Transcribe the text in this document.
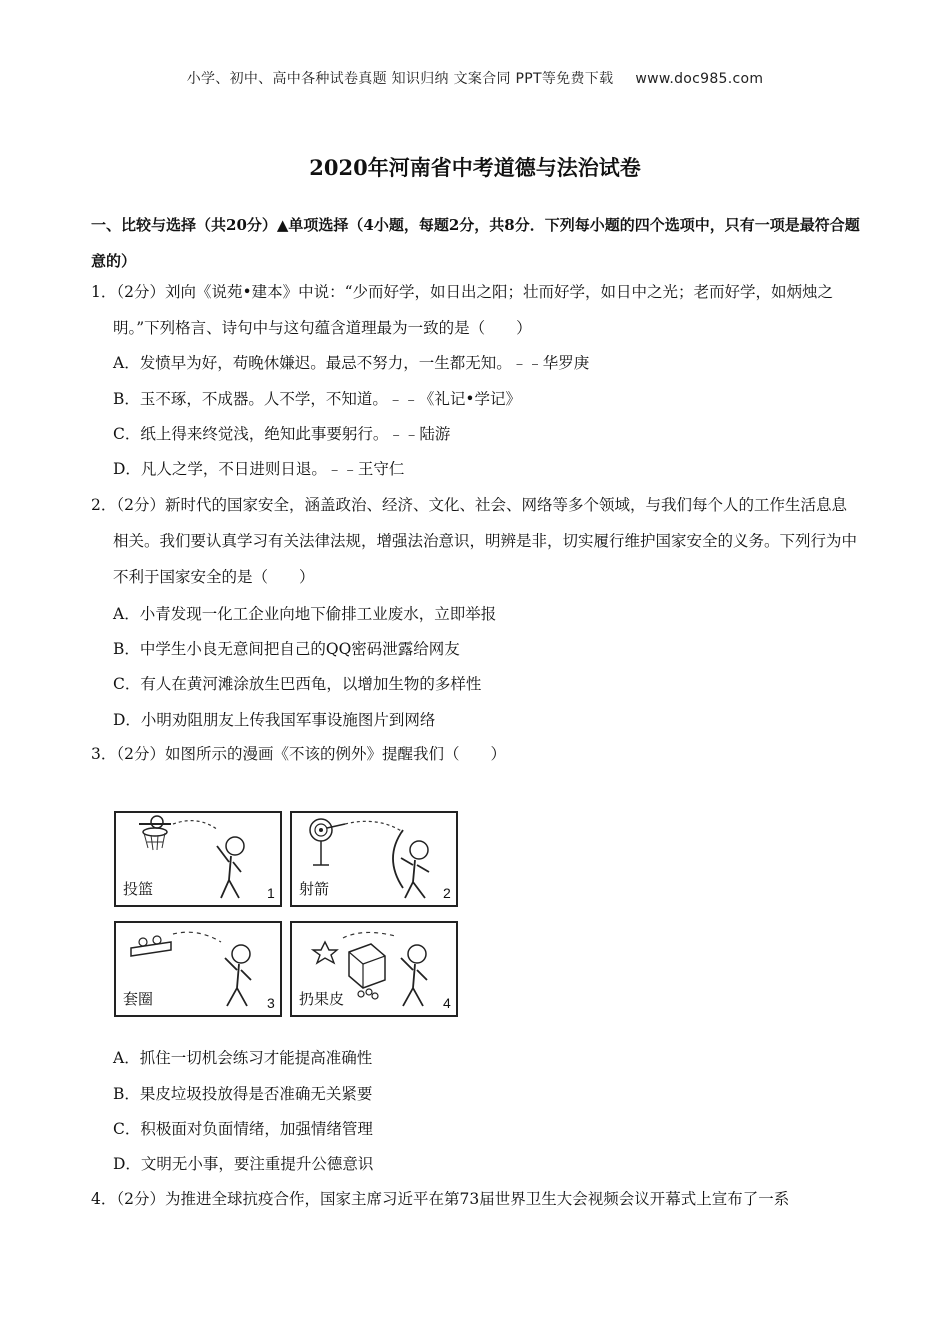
小学、初中、高中各种试卷真题 知识归纳 文案合同 PPT等免费下载 www.doc985.com
2020年河南省中考道德与法治试卷
一、比较与选择（共20分）▲单项选择（4小题，每题2分，共8分．下列每小题的四个选项中，只有一项是最符合题意的）
1．（2分）刘向《说苑•建本》中说：“少而好学，如日出之阳；壮而好学，如日中之光；老而好学，如炳烛之明。”下列格言、诗句中与这句蕴含道理最为一致的是（　　）
A．发愤早为好，苟晚休嫌迟。最忌不努力，一生都无知。﹣﹣华罗庚
B．玉不琢，不成器。人不学，不知道。﹣﹣《礼记•学记》
C．纸上得来终觉浅，绝知此事要躬行。﹣﹣陆游
D．凡人之学，不日进则日退。﹣﹣王守仁
2．（2分）新时代的国家安全，涵盖政治、经济、文化、社会、网络等多个领域，与我们每个人的工作生活息息相关。我们要认真学习有关法律法规，增强法治意识，明辨是非，切实履行维护国家安全的义务。下列行为中不利于国家安全的是（　　）
A．小青发现一化工企业向地下偷排工业废水，立即举报
B．中学生小良无意间把自己的QQ密码泄露给网友
C．有人在黄河滩涂放生巴西龟，以增加生物的多样性
D．小明劝阻朋友上传我国军事设施图片到网络
3．（2分）如图所示的漫画《不该的例外》提醒我们（　　）
投篮	1 射箭	2
套圈	3 扔果皮	4
A．抓住一切机会练习才能提高准确性
B．果皮垃圾投放得是否准确无关紧要
C．积极面对负面情绪，加强情绪管理
D．文明无小事，要注重提升公德意识
4．（2分）为推进全球抗疫合作，国家主席习近平在第73届世界卫生大会视频会议开幕式上宣布了一系
